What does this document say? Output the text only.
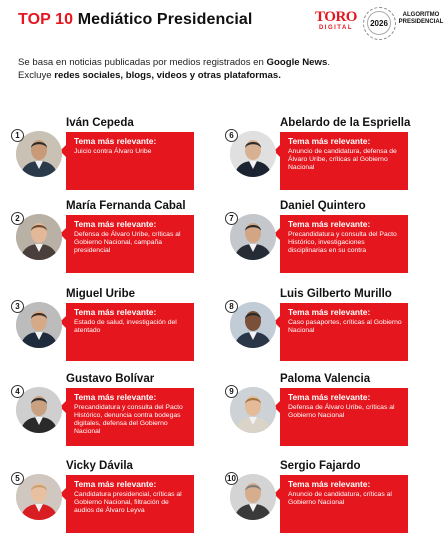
TOP 10 Mediático Presidencial	TORO
DIGITAL	2026
ALGORITMO
PRESIDENCIAL
Se basa en noticias publicadas por medios registrados en Google News.
Excluye redes sociales, blogs, videos y otras plataformas.
1
Iván Cepeda
Tema más relevante:
Juicio contra Álvaro Uribe
2
María Fernanda Cabal
Tema más relevante:
Defensa de Álvaro Uribe, críticas al Gobierno Nacional, campaña presidencial
3
Miguel Uribe
Tema más relevante:
Estado de salud, investigación del atentado
4
Gustavo Bolívar
Tema más relevante:
Precandidatura y consulta del Pacto Histórico, denuncia contra bodegas digitales, defensa del Gobierno Nacional
5
Vicky Dávila
Tema más relevante:
Candidatura presidencial, críticas al Gobierno Nacional, filtración de audios de Álvaro Leyva
6
Abelardo de la Espriella
Tema más relevante:
Anuncio de candidatura, defensa de Álvaro Uribe, críticas al Gobierno Nacional
7
Daniel Quintero
Tema más relevante:
Precandidatura y consulta del Pacto Histórico, investigaciones disciplinarias en su contra
8
Luis Gilberto Murillo
Tema más relevante:
Caso pasaportes, críticas al Gobierno Nacional
9
Paloma Valencia
Tema más relevante:
Defensa de Álvaro Uribe, críticas al Gobierno Nacional
10
Sergio Fajardo
Tema más relevante:
Anuncio de candidatura, críticas al Gobierno Nacional
